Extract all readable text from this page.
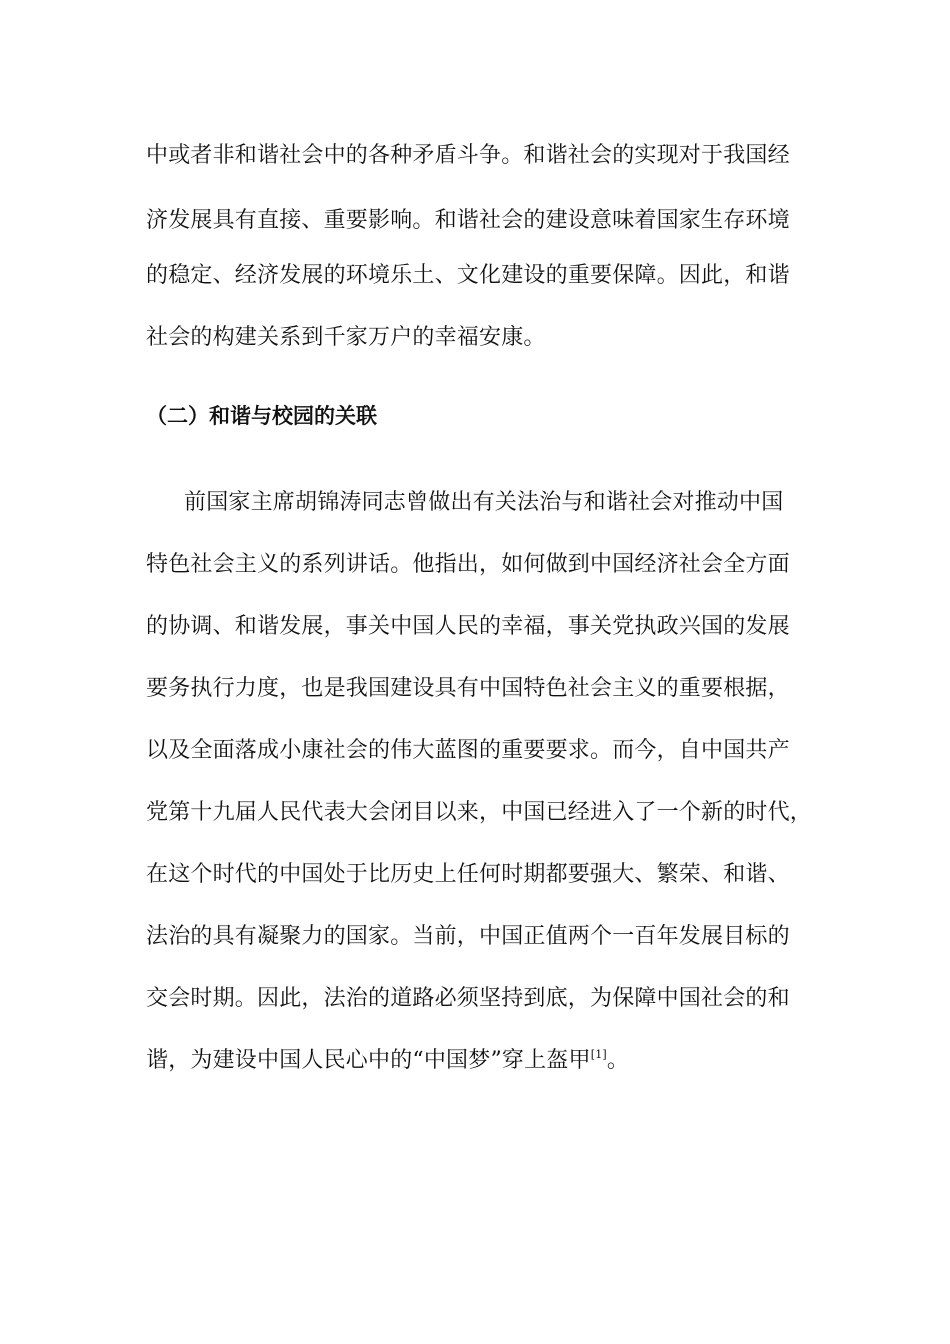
中或者非和谐社会中的各种矛盾斗争。和谐社会的实现对于我国经
济发展具有直接、重要影响。和谐社会的建设意味着国家生存环境
的稳定、经济发展的环境乐土、文化建设的重要保障。因此，和谐
社会的构建关系到千家万户的幸福安康。
（二）和谐与校园的关联
前国家主席胡锦涛同志曾做出有关法治与和谐社会对推动中国
特色社会主义的系列讲话。他指出，如何做到中国经济社会全方面
的协调、和谐发展，事关中国人民的幸福，事关党执政兴国的发展
要务执行力度，也是我国建设具有中国特色社会主义的重要根据，
以及全面落成小康社会的伟大蓝图的重要要求。而今，自中国共产
党第十九届人民代表大会闭目以来，中国已经进入了一个新的时代，
在这个时代的中国处于比历史上任何时期都要强大、繁荣、和谐、
法治的具有凝聚力的国家。当前，中国正值两个一百年发展目标的
交会时期。因此，法治的道路必须坚持到底，为保障中国社会的和
谐，为建设中国人民心中的“中国梦”穿上盔甲[1]。
